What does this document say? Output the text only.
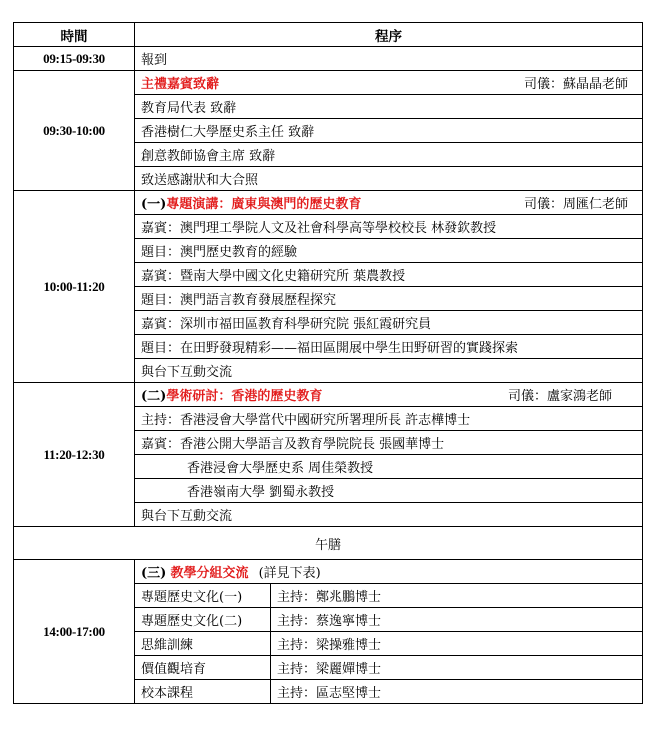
時間	程序	
09:15-09:30	報到	
09:30-10:00	主禮嘉賓致辭 司儀：蘇晶晶老師	

	教育局代表 致辭	
	香港樹仁大學歷史系主任 致辭	
	創意教師協會主席 致辭	
	致送感謝狀和大合照	
10:00-11:20	(一)專題演講：廣東與澳門的歷史教育 司儀：周匯仁老師	

	嘉賓：澳門理工學院人文及社會科學高等學校校長 林發欽教授	
	題目：澳門歷史教育的經驗	
	嘉賓：暨南大學中國文化史籍研究所 葉農教授	
	題目：澳門語言教育發展歷程探究	
	嘉賓：深圳市福田區教育科學研究院 張紅霞研究員	
	題目：在田野發現精彩——福田區開展中學生田野研習的實踐探索	
	與台下互動交流	
11:20-12:30	(二)學術研討：香港的歷史教育 司儀：盧家鴻老師	

	主持：香港浸會大學當代中國研究所署理所長 許志樺博士	
	嘉賓：香港公開大學語言及教育學院院長 張國華博士	
	香港浸會大學歷史系 周佳榮教授	
	香港嶺南大學 劉蜀永教授	
	與台下互動交流	
午膳		
14:00-17:00	(三) 教學分組交流 (詳見下表)	
	專題歷史文化(一)	主持：鄭兆鵬博士
	專題歷史文化(二)	主持：蔡逸寧博士
	思維訓練	主持：梁操雅博士
	價值觀培育	主持：梁麗嬋博士
	校本課程	主持：區志堅博士
